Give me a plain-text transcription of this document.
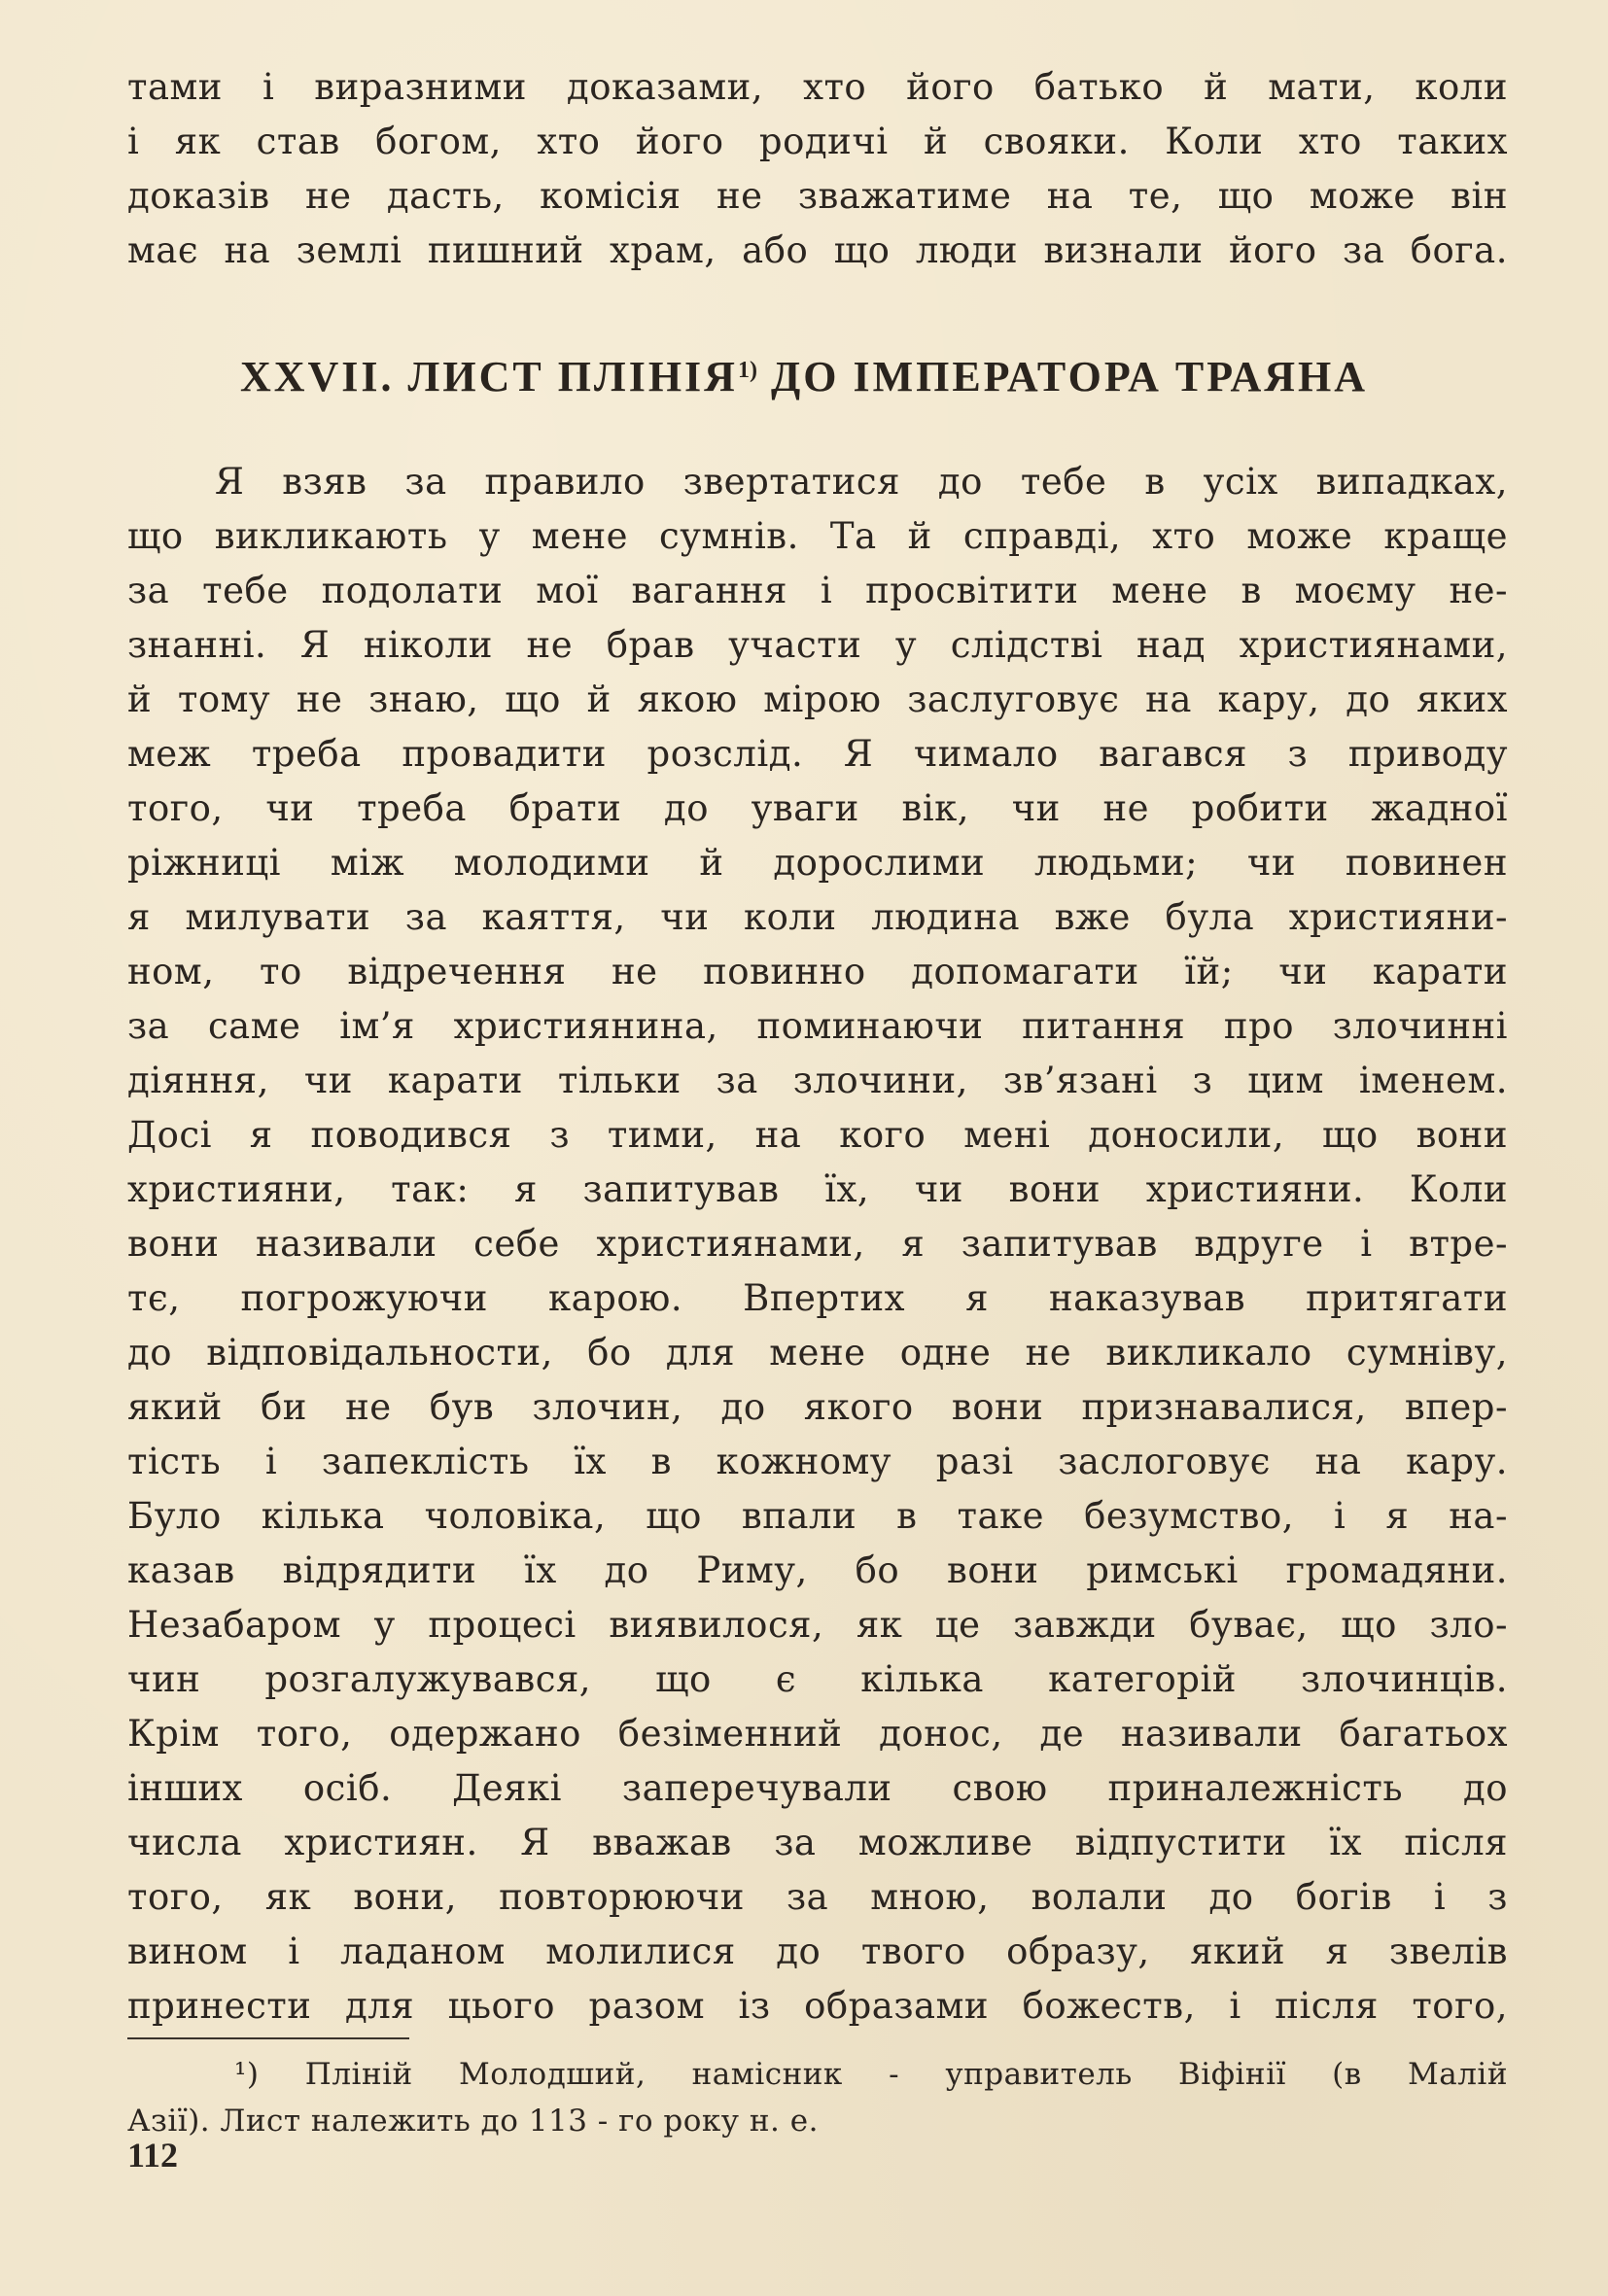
тами і виразними доказами, хто його батько й мати, коли
і як став богом, хто його родичі й свояки. Коли хто таких
доказів не дасть, комісія не зважатиме на те, що може він
має на землі пишний храм, або що люди визнали його за бога.
XXVII. ЛИСТ ПЛІНІЯ$^{1)}$ ДО ІМПЕРАТОРА ТРАЯНА
Я взяв за правило звертатися до тебе в усіх випадках,
що викликають у мене сумнів. Та й справді, хто може краще
за тебе подолати мої вагання і просвітити мене в моєму не-
знанні. Я ніколи не брав участи у слідстві над християнами,
й тому не знаю, що й якою мірою заслуговує на кару, до яких
меж треба провадити розслід. Я чимало вагався з приводу
того, чи треба брати до уваги вік, чи не робити жадної
ріжниці між молодими й дорослими людьми; чи повинен
я милувати за каяття, чи коли людина вже була християни-
ном, то відречення не повинно допомагати їй; чи карати
за саме ім’я християнина, поминаючи питання про злочинні
діяння, чи карати тільки за злочини, зв’язані з цим іменем.
Досі я поводився з тими, на кого мені доносили, що вони
християни, так: я запитував їх, чи вони християни. Коли
вони називали себе християнами, я запитував вдруге і втре-
тє, погрожуючи карою. Впертих я наказував притягати
до відповідальности, бо для мене одне не викликало сумніву,
який би не був злочин, до якого вони признавалися, впер-
тість і запеклість їх в кожному разі заслоговує на кару.
Було кілька чоловіка, що впали в таке безумство, і я на-
казав відрядити їх до Риму, бо вони римські громадяни.
Незабаром у процесі виявилося, як це завжди буває, що зло-
чин розгалужувався, що є кілька категорій злочинців.
Крім того, одержано безіменний донос, де називали багатьох
інших осіб. Деякі заперечували свою приналежність до
числа християн. Я вважав за можливе відпустити їх після
того, як вони, повторюючи за мною, волали до богів і з
вином і ладаном молилися до твого образу, який я звелів
принести для цього разом із образами божеств, і після того,
¹) Пліній Молодший, намісник - управитель Віфінії (в Малій
Азії). Лист належить до 113 - го року н. е.
112
